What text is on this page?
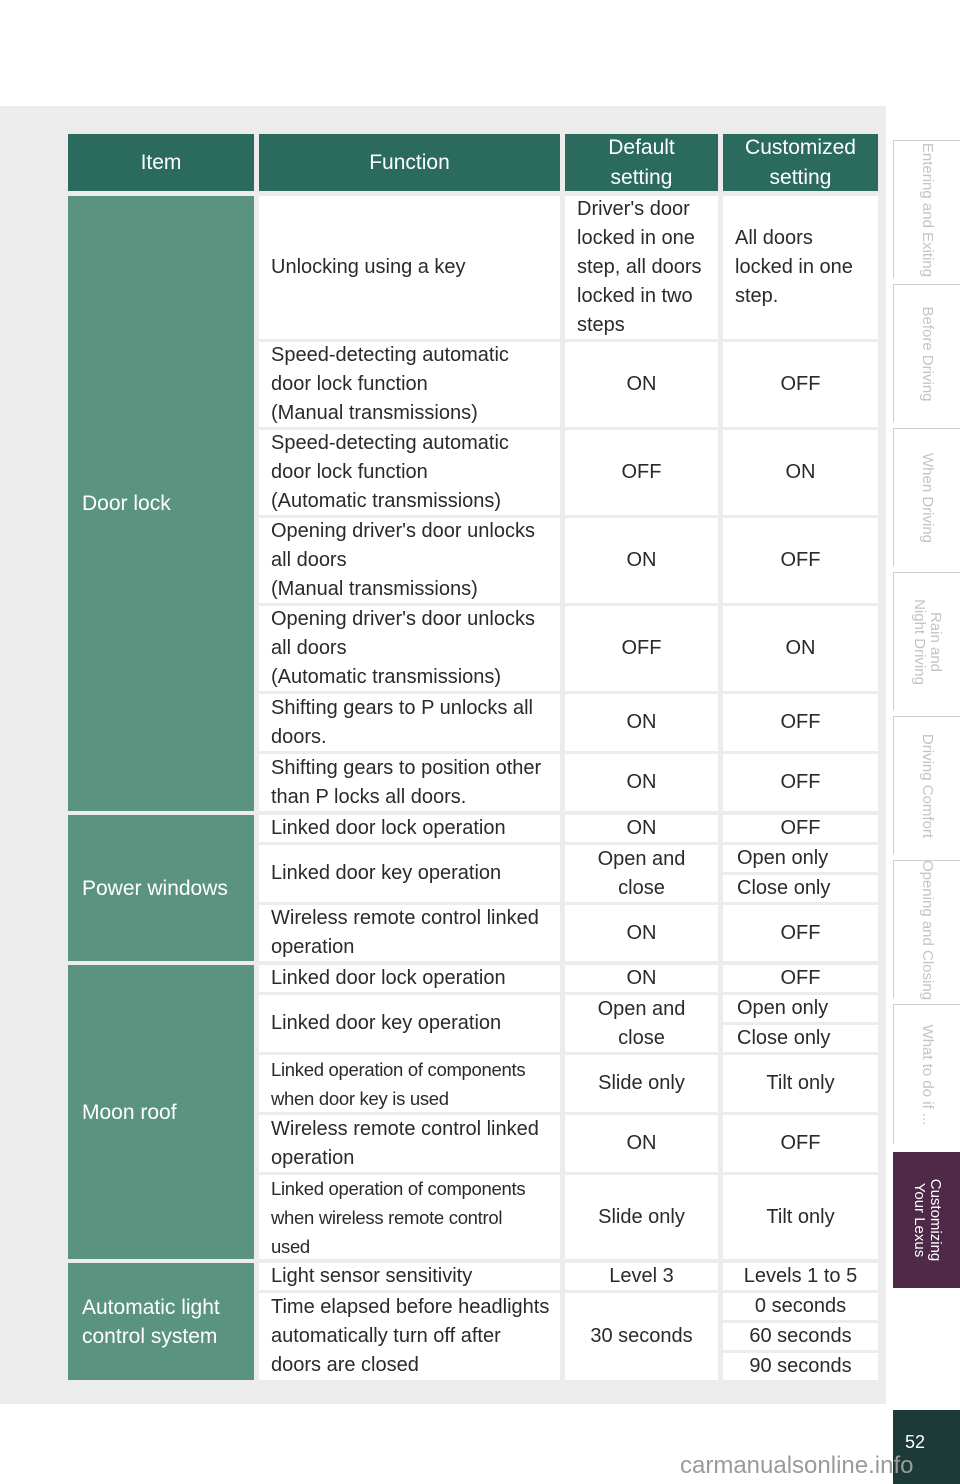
Item	Function
Default
setting
Customized
setting
Door lock
Power windows
Moon roof
Automatic light
control system
Unlocking using a key
Speed-detecting automatic
door lock function
(Manual transmissions)
Speed-detecting automatic
door lock function
(Automatic transmissions)
Opening driver's door unlocks
all doors
(Manual transmissions)
Opening driver's door unlocks
all doors
(Automatic transmissions)
Shifting gears to P unlocks all
doors.
Shifting gears to position other
than P locks all doors.
Linked door lock operation
Linked door key operation
Wireless remote control linked
operation
Linked door lock operation
Linked door key operation
Linked operation of components
when door key is used
Wireless remote control linked
operation
Linked operation of components
when wireless remote control
used
Light sensor sensitivity
Time elapsed before headlights
automatically turn off after
doors are closed
Driver's door
locked in one
step, all doors
locked in two
steps
ON
OFF
ON
OFF
ON
ON
ON
Open and
close
ON
ON
Open and
close
Slide only
ON
Slide only
Level 3
30 seconds
All doors
locked in one
step.
OFF
ON
OFF
ON
OFF
OFF
OFF
Open only
Close only
OFF
OFF
Open only
Close only
Tilt only
OFF
Tilt only
Levels 1 to 5
0 seconds
60 seconds
90 seconds
Entering and Exiting
Before Driving
When Driving
Rain and
Night Driving
Driving Comfort
Opening and Closing
What to do if ...
Customizing
Your Lexus
52
carmanualsonline.info
